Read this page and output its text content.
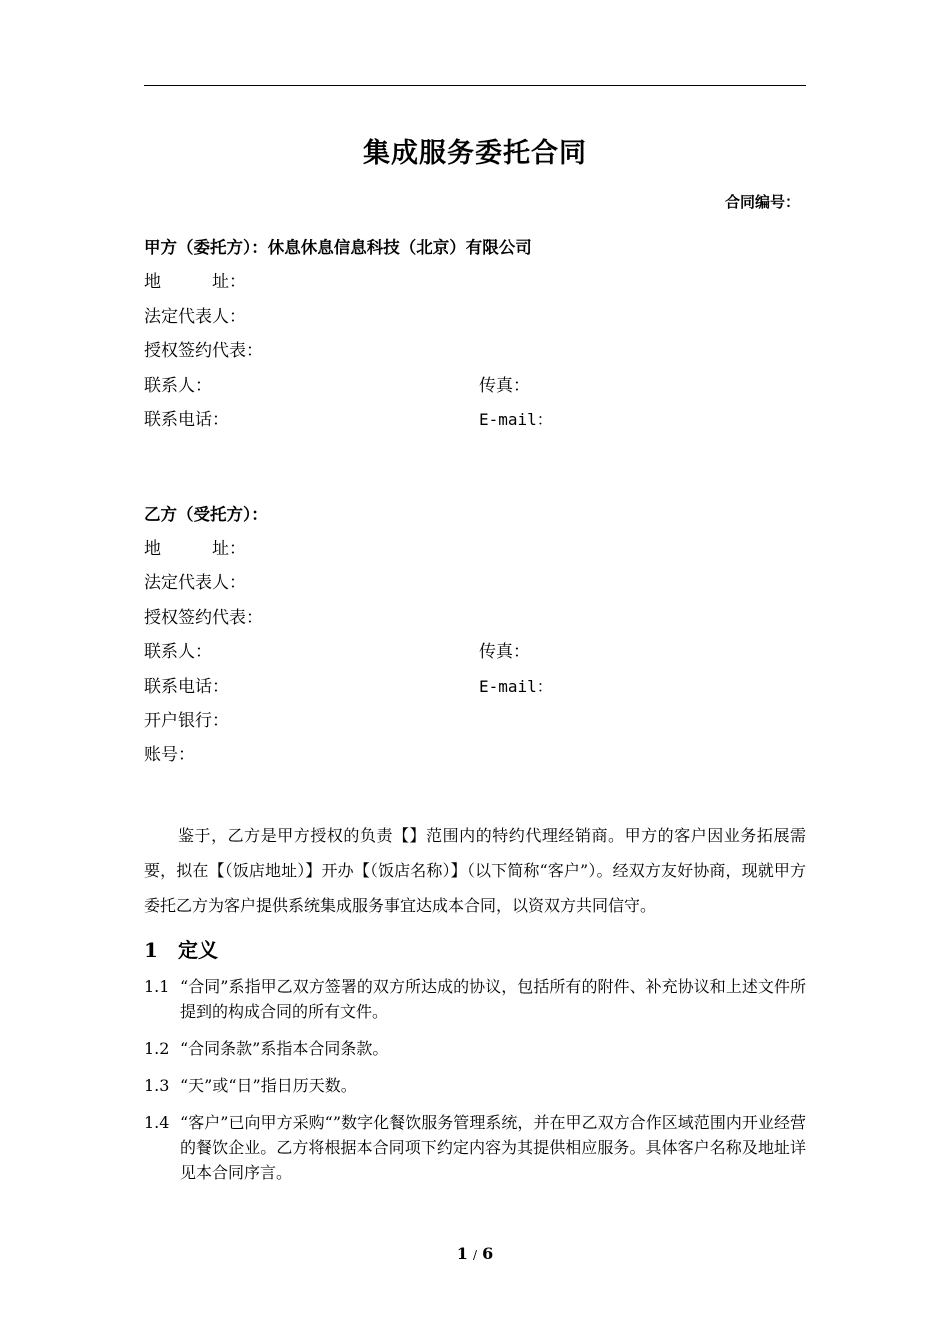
集成服务委托合同
合同编号：
甲方（委托方）：休息休息信息科技（北京）有限公司
地　　　址：
法定代表人：
授权签约代表：
联系人：	传真：
联系电话：	E-mail：
乙方（受托方）：
地　　　址：
法定代表人：
授权签约代表：
联系人：	传真：
联系电话：	E-mail：
开户银行：
账号：
鉴于，乙方是甲方授权的负责【】范围内的特约代理经销商。甲方的客户因业务拓展需要，拟在【（饭店地址）】开办【（饭店名称）】（以下简称“客户”）。经双方友好协商，现就甲方委托乙方为客户提供系统集成服务事宜达成本合同，以资双方共同信守。
1 定义
1.1 “合同”系指甲乙双方签署的双方所达成的协议，包括所有的附件、补充协议和上述文件所提到的构成合同的所有文件。
1.2 “合同条款”系指本合同条款。
1.3 “天”或“日”指日历天数。
1.4 “客户”已向甲方采购“”数字化餐饮服务管理系统，并在甲乙双方合作区域范围内开业经营的餐饮企业。乙方将根据本合同项下约定内容为其提供相应服务。具体客户名称及地址详见本合同序言。
1 / 6
